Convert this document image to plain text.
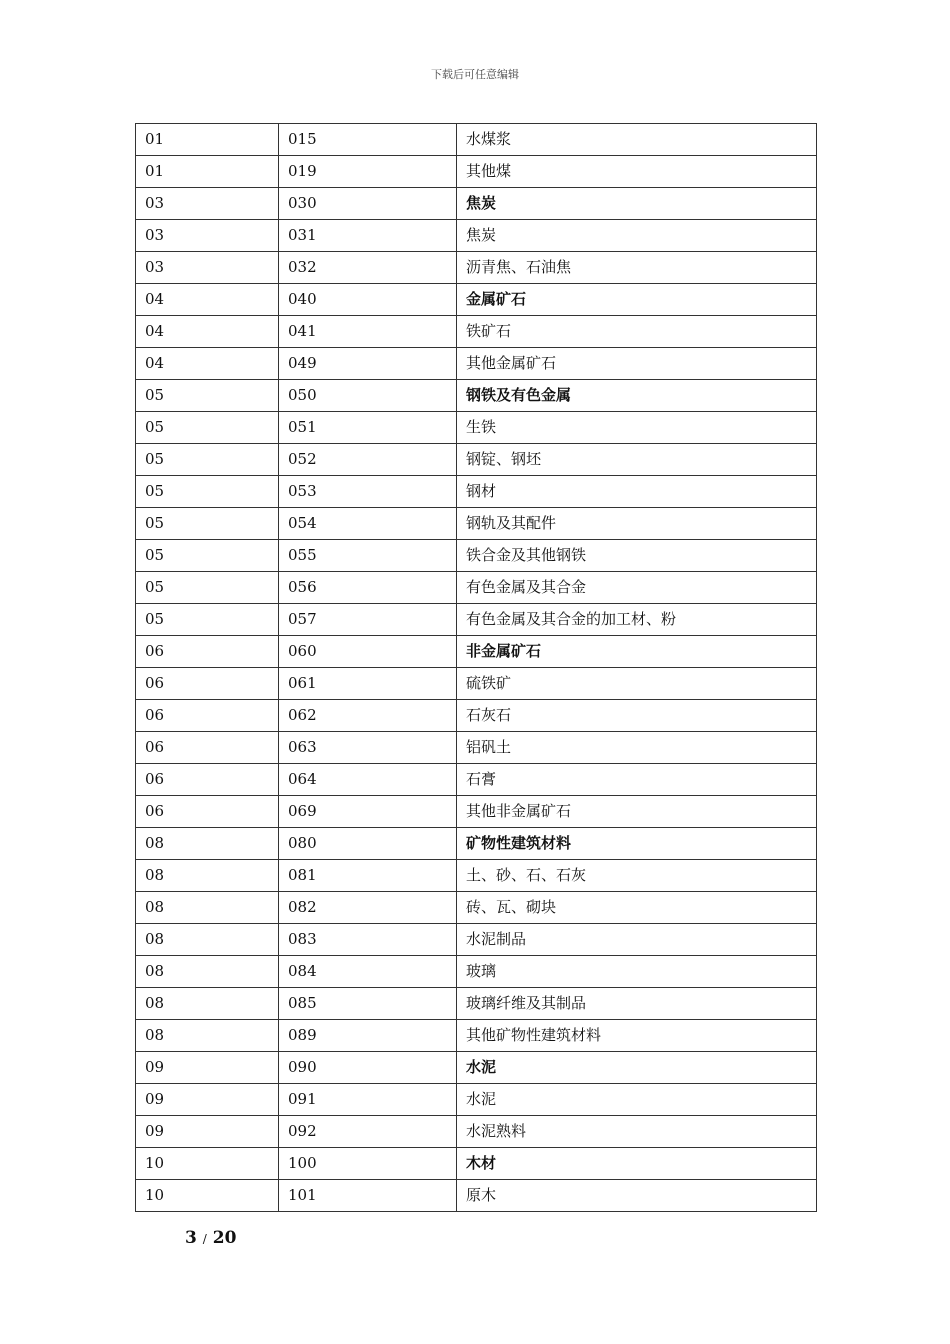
下载后可任意编辑
01	015	水煤浆
01	019	其他煤
03	030	焦炭
03	031	焦炭
03	032	沥青焦、石油焦
04	040	金属矿石
04	041	铁矿石
04	049	其他金属矿石
05	050	钢铁及有色金属
05	051	生铁
05	052	钢锭、钢坯
05	053	钢材
05	054	钢轨及其配件
05	055	铁合金及其他钢铁
05	056	有色金属及其合金
05	057	有色金属及其合金的加工材、粉
06	060	非金属矿石
06	061	硫铁矿
06	062	石灰石
06	063	铝矾土
06	064	石膏
06	069	其他非金属矿石
08	080	矿物性建筑材料
08	081	土、砂、石、石灰
08	082	砖、瓦、砌块
08	083	水泥制品
08	084	玻璃
08	085	玻璃纤维及其制品
08	089	其他矿物性建筑材料
09	090	水泥
09	091	水泥
09	092	水泥熟料
10	100	木材
10	101	原木
3 / 20
